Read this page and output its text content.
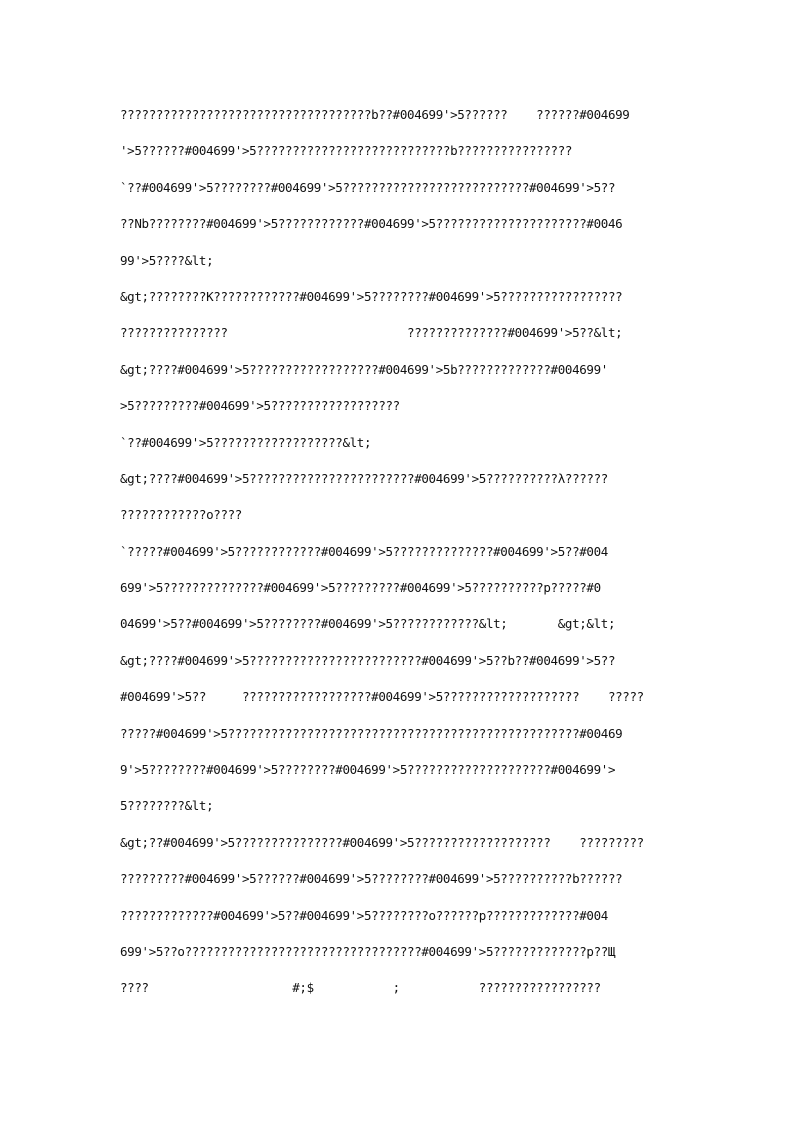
???????????????????????????????????b??#004699'>5??????    ??????#004699
'>5??????#004699'>5???????????????????????????b????????????????
`??#004699'>5????????#004699'>5??????????????????????????#004699'>5??
??Nb????????#004699'>5????????????#004699'>5?????????????????????#0046
99'>5????&lt;
&gt;????????K????????????#004699'>5????????#004699'>5?????????????????
???????????????                         ??????????????#004699'>5??&lt;
&gt;????#004699'>5??????????????????#004699'>5b?????????????#004699'
>5?????????#004699'>5??????????????????
`??#004699'>5??????????????????&lt;
&gt;????#004699'>5???????????????????????#004699'>5??????????λ??????
????????????o????
`?????#004699'>5????????????#004699'>5??????????????#004699'>5??#004
699'>5??????????????#004699'>5?????????#004699'>5??????????p?????#0
04699'>5??#004699'>5????????#004699'>5????????????&lt;       &gt;&lt;
&gt;????#004699'>5????????????????????????#004699'>5??b??#004699'>5??
#004699'>5??     ??????????????????#004699'>5???????????????????    ?????
?????#004699'>5?????????????????????????????????????????????????#00469
9'>5????????#004699'>5????????#004699'>5????????????????????#004699'>
5????????&lt;
&gt;??#004699'>5???????????????#004699'>5???????????????????    ?????????
?????????#004699'>5??????#004699'>5????????#004699'>5??????????b??????
?????????????#004699'>5??#004699'>5????????o??????p?????????????#004
699'>5??o?????????????????????????????????#004699'>5?????????????p??Щ
????                    #;$           ;           ?????????????????
